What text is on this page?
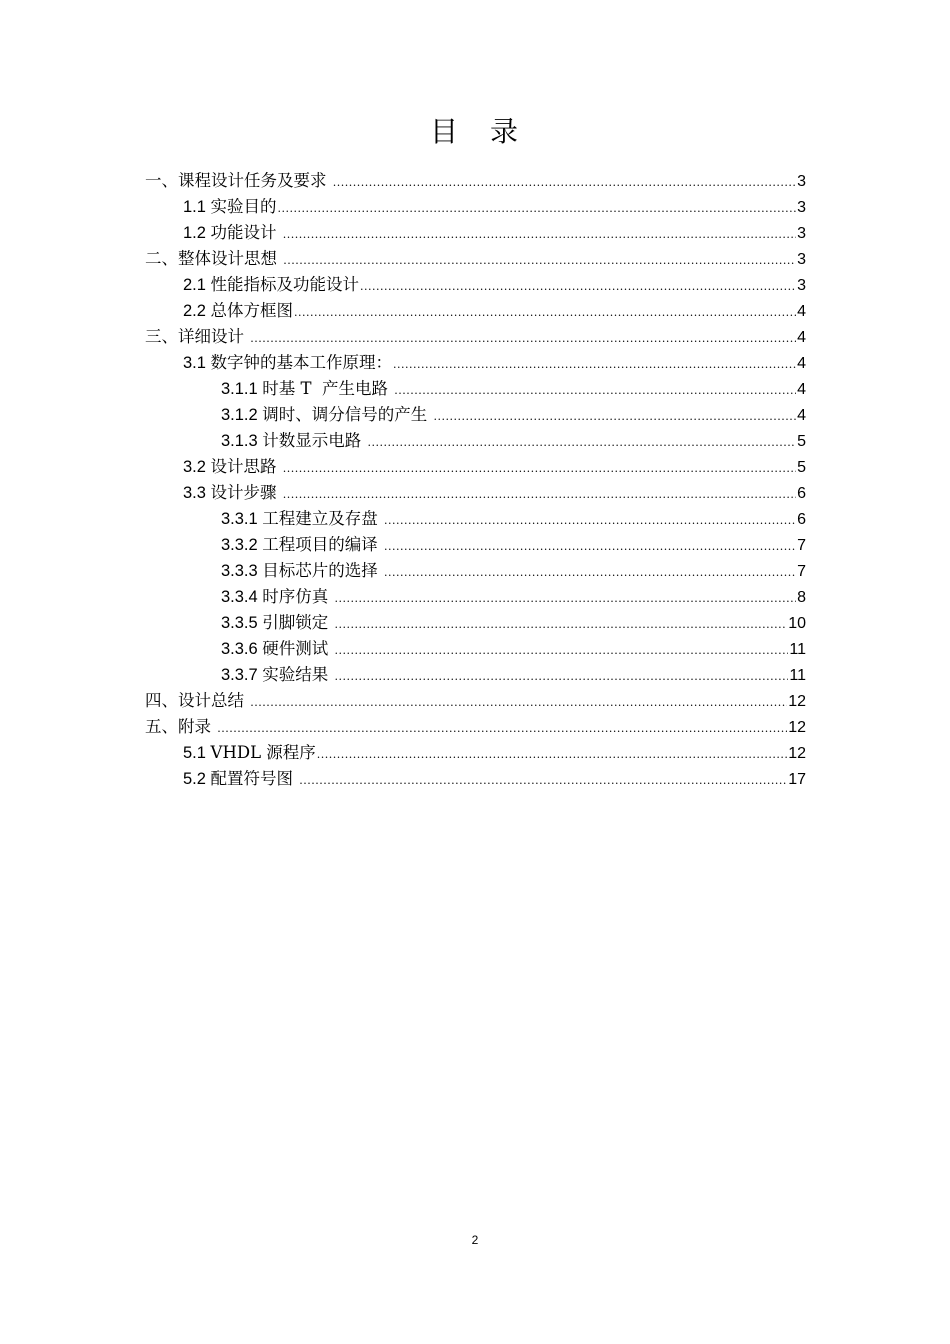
目　录
一、课程设计任务及要求 .....	3
1.1 实验目的 .....	3
1.2 功能设计 .....	3
二、整体设计思想 .....	3
2.1 性能指标及功能设计 .....	3
2.2 总体方框图 .....	4
三、详细设计 .....	4
3.1 数字钟的基本工作原理： .....	4
3.1.1 时基 T  产生电路 .....	4
3.1.2 调时、调分信号的产生 .....	4
3.1.3 计数显示电路 .....	5
3.2 设计思路 .....	5
3.3 设计步骤 .....	6
3.3.1 工程建立及存盘 .....	6
3.3.2 工程项目的编译 .....	7
3.3.3 目标芯片的选择 .....	7
3.3.4 时序仿真 .....	8
3.3.5 引脚锁定 .....	10
3.3.6 硬件测试 .....	11
3.3.7 实验结果 .....	11
四、设计总结 .....	12
五、附录 .....	12
5.1 VHDL 源程序 .....	12
5.2 配置符号图 .....	17
2
